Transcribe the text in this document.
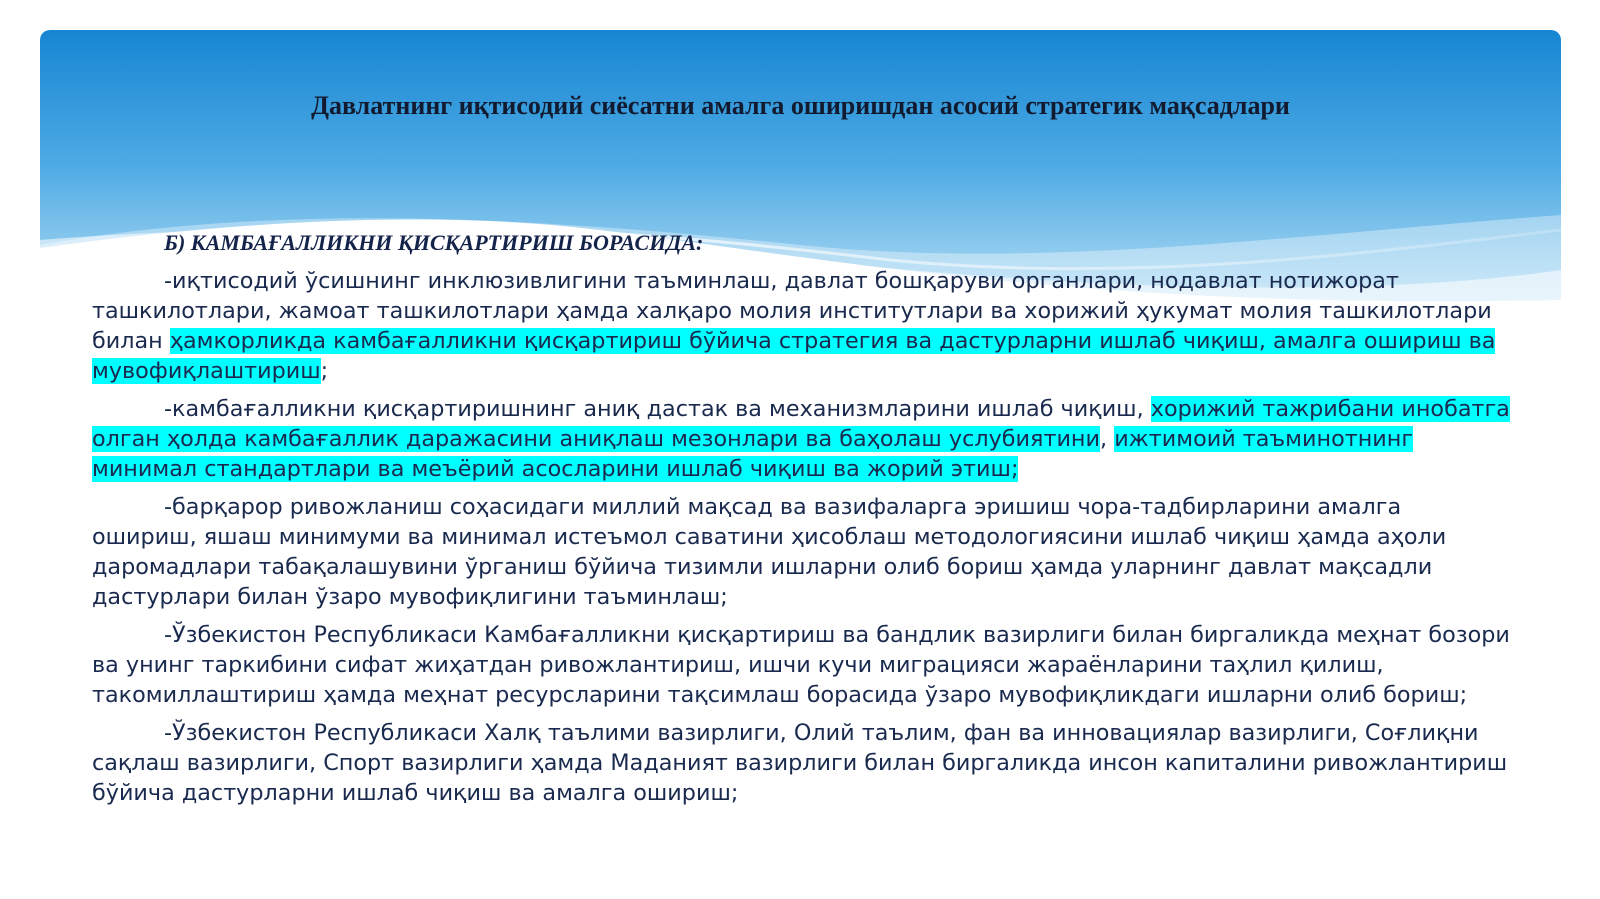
Давлатнинг иқтисодий сиёсатни амалга оширишдан асосий стратегик мақсадлари

Б) КАМБАҒАЛЛИКНИ ҚИСҚАРТИРИШ БОРАСИДА:

-иқтисодий ўсишнинг инклюзивлигини таъминлаш, давлат бошқаруви органлари, нодавлат нотижорат ташкилотлари, жамоат ташкилотлари ҳамда халқаро молия институтлари ва хорижий ҳукумат молия ташкилотлари билан ҳамкорликда камбағалликни қисқартириш бўйича стратегия ва дастурларни ишлаб чиқиш, амалга ошириш ва мувофиқлаштириш;

-камбағалликни қисқартиришнинг аниқ дастак ва механизмларини ишлаб чиқиш, хорижий тажрибани инобатга олган ҳолда камбағаллик даражасини аниқлаш мезонлари ва баҳолаш услубиятини, ижтимоий таъминотнинг минимал стандартлари ва меъёрий асосларини ишлаб чиқиш ва жорий этиш;

-барқарор ривожланиш соҳасидаги миллий мақсад ва вазифаларга эришиш чора-тадбирларини амалга ошириш, яшаш минимуми ва минимал истеъмол саватини ҳисоблаш методологиясини ишлаб чиқиш ҳамда аҳоли даромадлари табақалашувини ўрганиш бўйича тизимли ишларни олиб бориш ҳамда уларнинг давлат мақсадли дастурлари билан ўзаро мувофиқлигини таъминлаш;

-Ўзбекистон Республикаси Камбағалликни қисқартириш ва бандлик вазирлиги билан биргаликда меҳнат бозори ва унинг таркибини сифат жиҳатдан ривожлантириш, ишчи кучи миграцияси жараёнларини таҳлил қилиш, такомиллаштириш ҳамда меҳнат ресурсларини тақсимлаш борасида ўзаро мувофиқликдаги ишларни олиб бориш;

-Ўзбекистон Республикаси Халқ таълими вазирлиги, Олий таълим, фан ва инновациялар вазирлиги, Соғлиқни сақлаш вазирлиги, Спорт вазирлиги ҳамда Маданият вазирлиги билан биргаликда инсон капиталини ривожлантириш бўйича дастурларни ишлаб чиқиш ва амалга ошириш;
